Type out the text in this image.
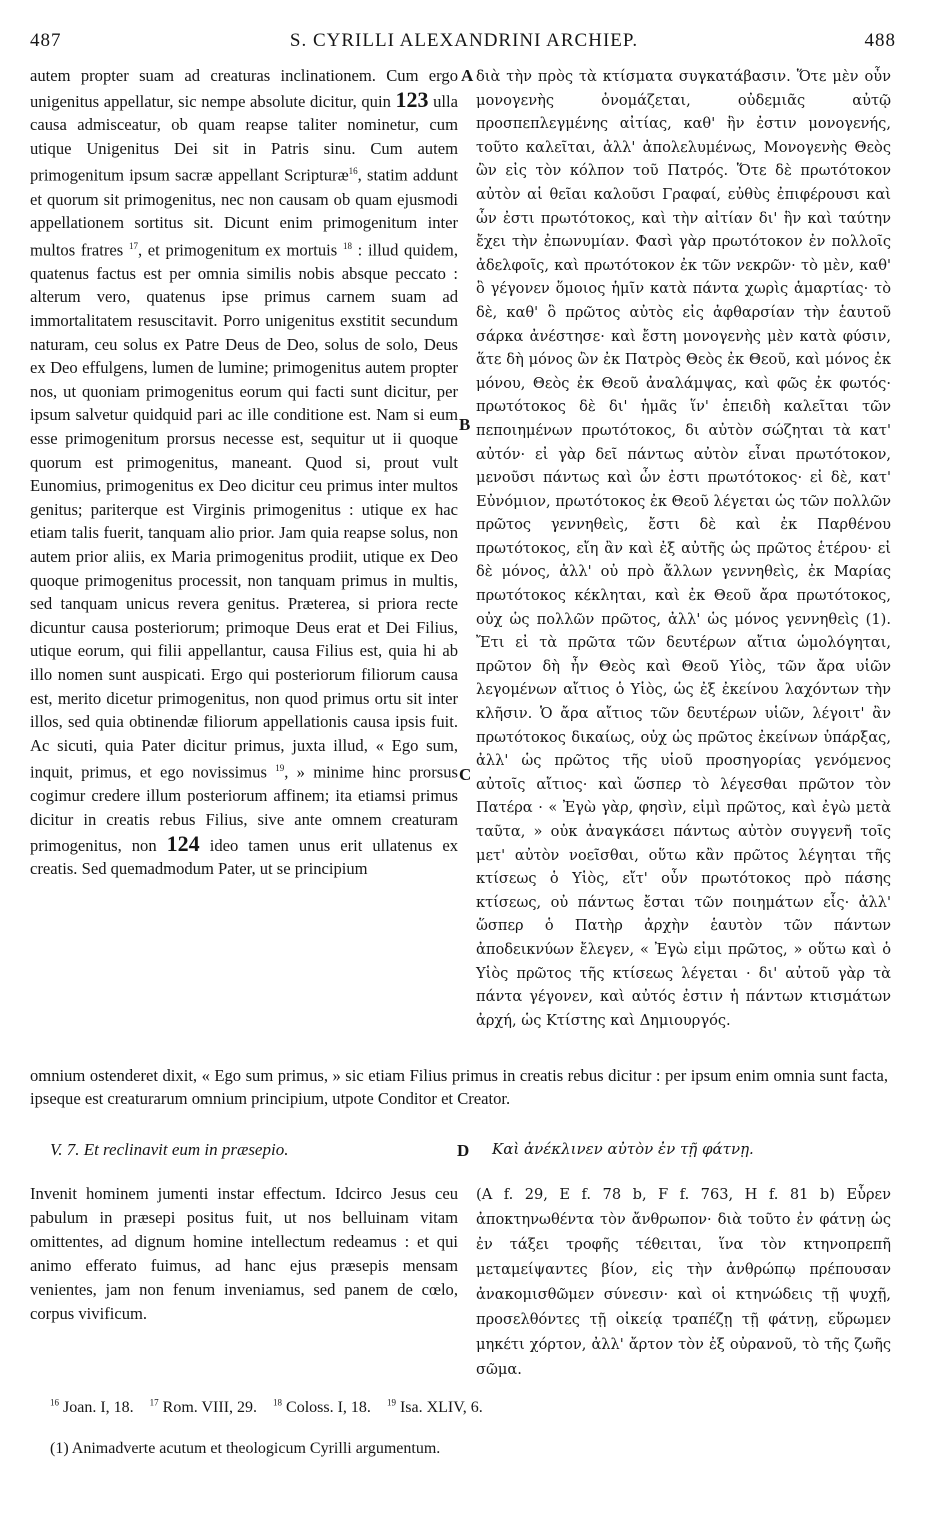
487	S. CYRILLI ALEXANDRINI ARCHIEP.	488
A
B
C
D

autem propter suam ad creaturas inclinationem. Cum ergo unigenitus appellatur, sic nempe absolute dicitur, quin 123 ulla causa admisceatur, ob quam reapse taliter nominetur, cum utique Unigenitus Dei sit in Patris sinu. Cum autem primogenitum ipsum sacræ appellant Scripturæ$^{16}$, statim addunt et quorum sit primogenitus, nec non causam ob quam ejusmodi appellationem sortitus sit. Dicunt enim primogenitum inter multos fratres $^{17}$, et primogenitum ex mortuis $^{18}$ : illud quidem, quatenus factus est per omnia similis nobis absque peccato : alterum vero, quatenus ipse primus carnem suam ad immortalitatem resuscitavit. Porro unigenitus exstitit secundum naturam, ceu solus ex Patre Deus de Deo, solus de solo, Deus ex Deo effulgens, lumen de lumine; primogenitus autem propter nos, ut quoniam primogenitus eorum qui facti sunt dicitur, per ipsum salvetur quidquid pari ac ille conditione est. Nam si eum esse primogenitum prorsus necesse est, sequitur ut ii quoque quorum est primogenitus, maneant. Quod si, prout vult Eunomius, primogenitus ex Deo dicitur ceu primus inter multos genitus; pariterque est Virginis primogenitus : utique ex hac etiam talis fuerit, tanquam alio prior. Jam quia reapse solus, non autem prior aliis, ex Maria primogenitus prodiit, utique ex Deo quoque primogenitus processit, non tanquam primus in multis, sed tanquam unicus revera genitus. Præterea, si priora recte dicuntur causa posteriorum; primoque Deus erat et Dei Filius, utique eorum, qui filii appellantur, causa Filius est, quia hi ab illo nomen sunt auspicati. Ergo qui posteriorum filiorum causa est, merito dicetur primogenitus, non quod primus ortu sit inter illos, sed quia obtinendæ filiorum appellationis causa ipsis fuit. Ac sicuti, quia Pater dicitur primus, juxta illud, « Ego sum, inquit, primus, et ego novissimus $^{19}$, » minime hinc prorsus cogimur credere illum posteriorum affinem; ita etiamsi primus dicitur in creatis rebus Filius, sive ante omnem creaturam primogenitus, non 124 ideo tamen unus erit ullatenus ex creatis. Sed quemadmodum Pater, ut se principium

διὰ τὴν πρὸς τὰ κτίσματα συγκατάβασιν. Ὅτε μὲν οὖν μονογενὴς ὀνομάζεται, οὐδεμιᾶς αὐτῷ προσπεπλεγμένης αἰτίας, καθ' ἣν ἐστιν μονογενής, τοῦτο καλεῖται, ἀλλ' ἀπολελυμένως, Μονογενὴς Θεὸς ὢν εἰς τὸν κόλπον τοῦ Πατρός. Ὅτε δὲ πρωτότοκον αὐτὸν αἱ θεῖαι καλοῦσι Γραφαί, εὐθὺς ἐπιφέρουσι καὶ ὧν ἐστι πρωτότοκος, καὶ τὴν αἰτίαν δι' ἣν καὶ ταύτην ἔχει τὴν ἐπωνυμίαν. Φασὶ γὰρ πρωτότοκον ἐν πολλοῖς ἀδελφοῖς, καὶ πρωτότοκον ἐκ τῶν νεκρῶν· τὸ μὲν, καθ' ὃ γέγονεν ὅμοιος ἡμῖν κατὰ πάντα χωρὶς ἁμαρτίας· τὸ δὲ, καθ' ὃ πρῶτος αὐτὸς εἰς ἀφθαρσίαν τὴν ἑαυτοῦ σάρκα ἀνέστησε· καὶ ἔστη μονογενὴς μὲν κατὰ φύσιν, ἅτε δὴ μόνος ὢν ἐκ Πατρὸς Θεὸς ἐκ Θεοῦ, καὶ μόνος ἐκ μόνου, Θεὸς ἐκ Θεοῦ ἀναλάμψας, καὶ φῶς ἐκ φωτός· πρωτότοκος δὲ δι' ἡμᾶς ἵν' ἐπειδὴ καλεῖται τῶν πεποιημένων πρωτότοκος, δι αὐτὸν σώζηται τὰ κατ' αὐτόν· εἰ γὰρ δεῖ πάντως αὐτὸν εἶναι πρωτότοκον, μενοῦσι πάντως καὶ ὧν ἐστι πρωτότοκος· εἰ δὲ, κατ' Εὐνόμιον, πρωτότοκος ἐκ Θεοῦ λέγεται ὡς τῶν πολλῶν πρῶτος γεννηθεὶς, ἔστι δὲ καὶ ἐκ Παρθένου πρωτότοκος, εἴη ἂν καὶ ἐξ αὐτῆς ὡς πρῶτος ἑτέρου· εἰ δὲ μόνος, ἀλλ' οὐ πρὸ ἄλλων γεννηθεὶς, ἐκ Μαρίας πρωτότοκος κέκληται, καὶ ἐκ Θεοῦ ἄρα πρωτότοκος, οὐχ ὡς πολλῶν πρῶτος, ἀλλ' ὡς μόνος γεννηθεὶς (1). Ἔτι εἰ τὰ πρῶτα τῶν δευτέρων αἴτια ὡμολόγηται, πρῶτον δὴ ἦν Θεὸς καὶ Θεοῦ Υἱὸς, τῶν ἄρα υἱῶν λεγομένων αἴτιος ὁ Υἱὸς, ὡς ἐξ ἐκείνου λαχόντων τὴν κλῆσιν. Ὁ ἄρα αἴτιος τῶν δευτέρων υἱῶν, λέγοιτ' ἂν πρωτότοκος δικαίως, οὐχ ὡς πρῶτος ἐκείνων ὑπάρξας, ἀλλ' ὡς πρῶτος τῆς υἱοῦ προσηγορίας γενόμενος αὐτοῖς αἴτιος· καὶ ὥσπερ τὸ λέγεσθαι πρῶτον τὸν Πατέρα · « Ἐγὼ γὰρ, φησὶν, εἰμὶ πρῶτος, καὶ ἐγὼ μετὰ ταῦτα, » οὐκ ἀναγκάσει πάντως αὐτὸν συγγενῆ τοῖς μετ' αὐτὸν νοεῖσθαι, οὕτω κἂν πρῶτος λέγηται τῆς κτίσεως ὁ Υἱὸς, εἴτ' οὖν πρωτότοκος πρὸ πάσης κτίσεως, οὐ πάντως ἔσται τῶν ποιημάτων εἷς· ἀλλ' ὥσπερ ὁ Πατὴρ ἀρχὴν ἑαυτὸν τῶν πάντων ἀποδεικνύων ἔλεγεν, « Ἐγὼ εἰμι πρῶτος, » οὕτω καὶ ὁ Υἱὸς πρῶτος τῆς κτίσεως λέγεται · δι' αὐτοῦ γὰρ τὰ πάντα γέγονεν, καὶ αὐτός ἐστιν ἡ πάντων κτισμάτων ἀρχή, ὡς Κτίστης καὶ Δημιουργός.

omnium ostenderet dixit, « Ego sum primus, » sic etiam Filius primus in creatis rebus dicitur : per ipsum enim omnia sunt facta, ipseque est creaturarum omnium principium, utpote Conditor et Creator.
V. 7. Et reclinavit eum in præsepio.	Καὶ ἀνέκλινεν αὐτὸν ἐν τῇ φάτνῃ.
Invenit hominem jumenti instar effectum. Idcirco Jesus ceu pabulum in præsepi positus fuit, ut nos belluinam vitam omittentes, ad dignum homine intellectum redeamus : et qui animo efferato fuimus, ad hanc ejus præsepis mensam venientes, jam non fenum inveniamus, sed panem de cœlo, corpus vivificum.
(A f. 29, E f. 78 b, F f. 763, H f. 81 b) Εὗρεν ἀποκτηνωθέντα τὸν ἄνθρωπον· διὰ τοῦτο ἐν φάτνῃ ὡς ἐν τάξει τροφῆς τέθειται, ἵνα τὸν κτηνοπρεπῆ μεταμείψαντες βίον, εἰς τὴν ἀνθρώπῳ πρέπουσαν ἀνακομισθῶμεν σύνεσιν· καὶ οἱ κτηνώδεις τῇ ψυχῇ, προσελθόντες τῇ οἰκείᾳ τραπέζῃ τῇ φάτνῃ, εὕρωμεν μηκέτι χόρτον, ἀλλ' ἄρτον τὸν ἐξ οὐρανοῦ, τὸ τῆς ζωῆς σῶμα.
$^{16}$ Joan. I, 18. $^{17}$ Rom. VIII, 29. $^{18}$ Coloss. I, 18. $^{19}$ Isa. XLIV, 6.
(1) Animadverte acutum et theologicum Cyrilli argumentum.
